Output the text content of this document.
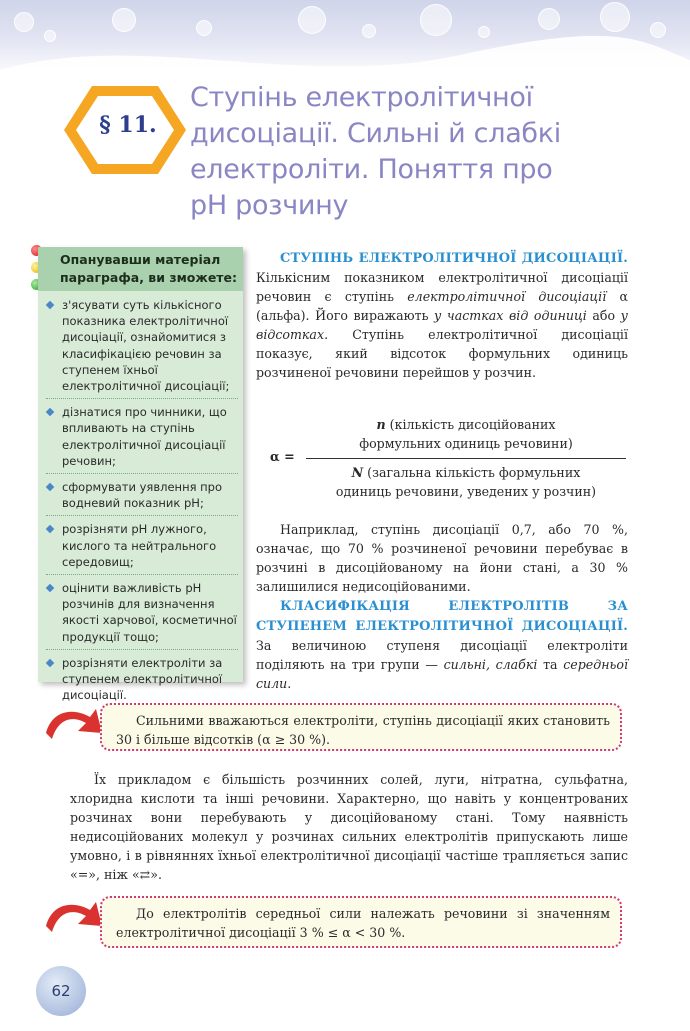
§ 11.
Ступінь електролітичної
дисоціації. Сильні й слабкі
електроліти. Поняття про
pH розчину
Опанувавши матеріал параграфа, ви зможете:
з'ясувати суть кількісного показника електролітичної дисоціації, ознайомитися з класифікацією речовин за ступенем їхньої електролітичної дисоціації;
дізнатися про чинники, що впливають на ступінь електролітичної дисоціації речовин;
сформувати уявлення про водневий показник pH;
розрізняти pH лужного, кислого та нейтрального середовищ;
оцінити важливість pH розчинів для визначення якості харчової, косметичної продукції тощо;
розрізняти електроліти за ступенем електролітичної дисоціації.
СТУПІНЬ ЕЛЕКТРОЛІТИЧНОЇ ДИСОЦІАЦІЇ. Кількісним показником електролітичної дисоціації речовин є ступінь електролітичної дисоціації α (альфа). Його виражають у частках від одиниці або у відсотках. Ступінь електролітичної дисоціації показує, який відсоток формульних одиниць розчиненої речовини перейшов у розчин.
α =
n (кількість дисоційованих
формульних одиниць речовини)
N (загальна кількість формульних
одиниць речовини, уведених у розчин)
Наприклад, ступінь дисоціації 0,7, або 70 %, означає, що 70 % розчиненої речовини перебуває в розчині в дисоційованому на йони стані, а 30 % залишилися недисоційованими.
КЛАСИФІКАЦІЯ ЕЛЕКТРОЛІТІВ ЗА СТУПЕНЕМ ЕЛЕКТРОЛІТИЧНОЇ ДИСОЦІАЦІЇ. За величиною ступеня дисоціації електроліти поділяють на три групи — сильні, слабкі та середньої сили.
Сильними вважаються електроліти, ступінь дисоціації яких становить 30 і більше відсотків (α ≥ 30 %).
Їх прикладом є більшість розчинних солей, луги, нітратна, сульфатна, хлоридна кислоти та інші речовини. Характерно, що навіть у концентрованих розчинах вони перебувають у дисоційованому стані. Тому наявність недисоційованих молекул у розчинах сильних електролітів припускають лише умовно, і в рівняннях їхньої електролітичної дисоціації частіше трапляється запис «=», ніж «⇄».
До електролітів середньої сили належать речовини зі значенням електролітичної дисоціації 3 % ≤ α < 30 %.
62
